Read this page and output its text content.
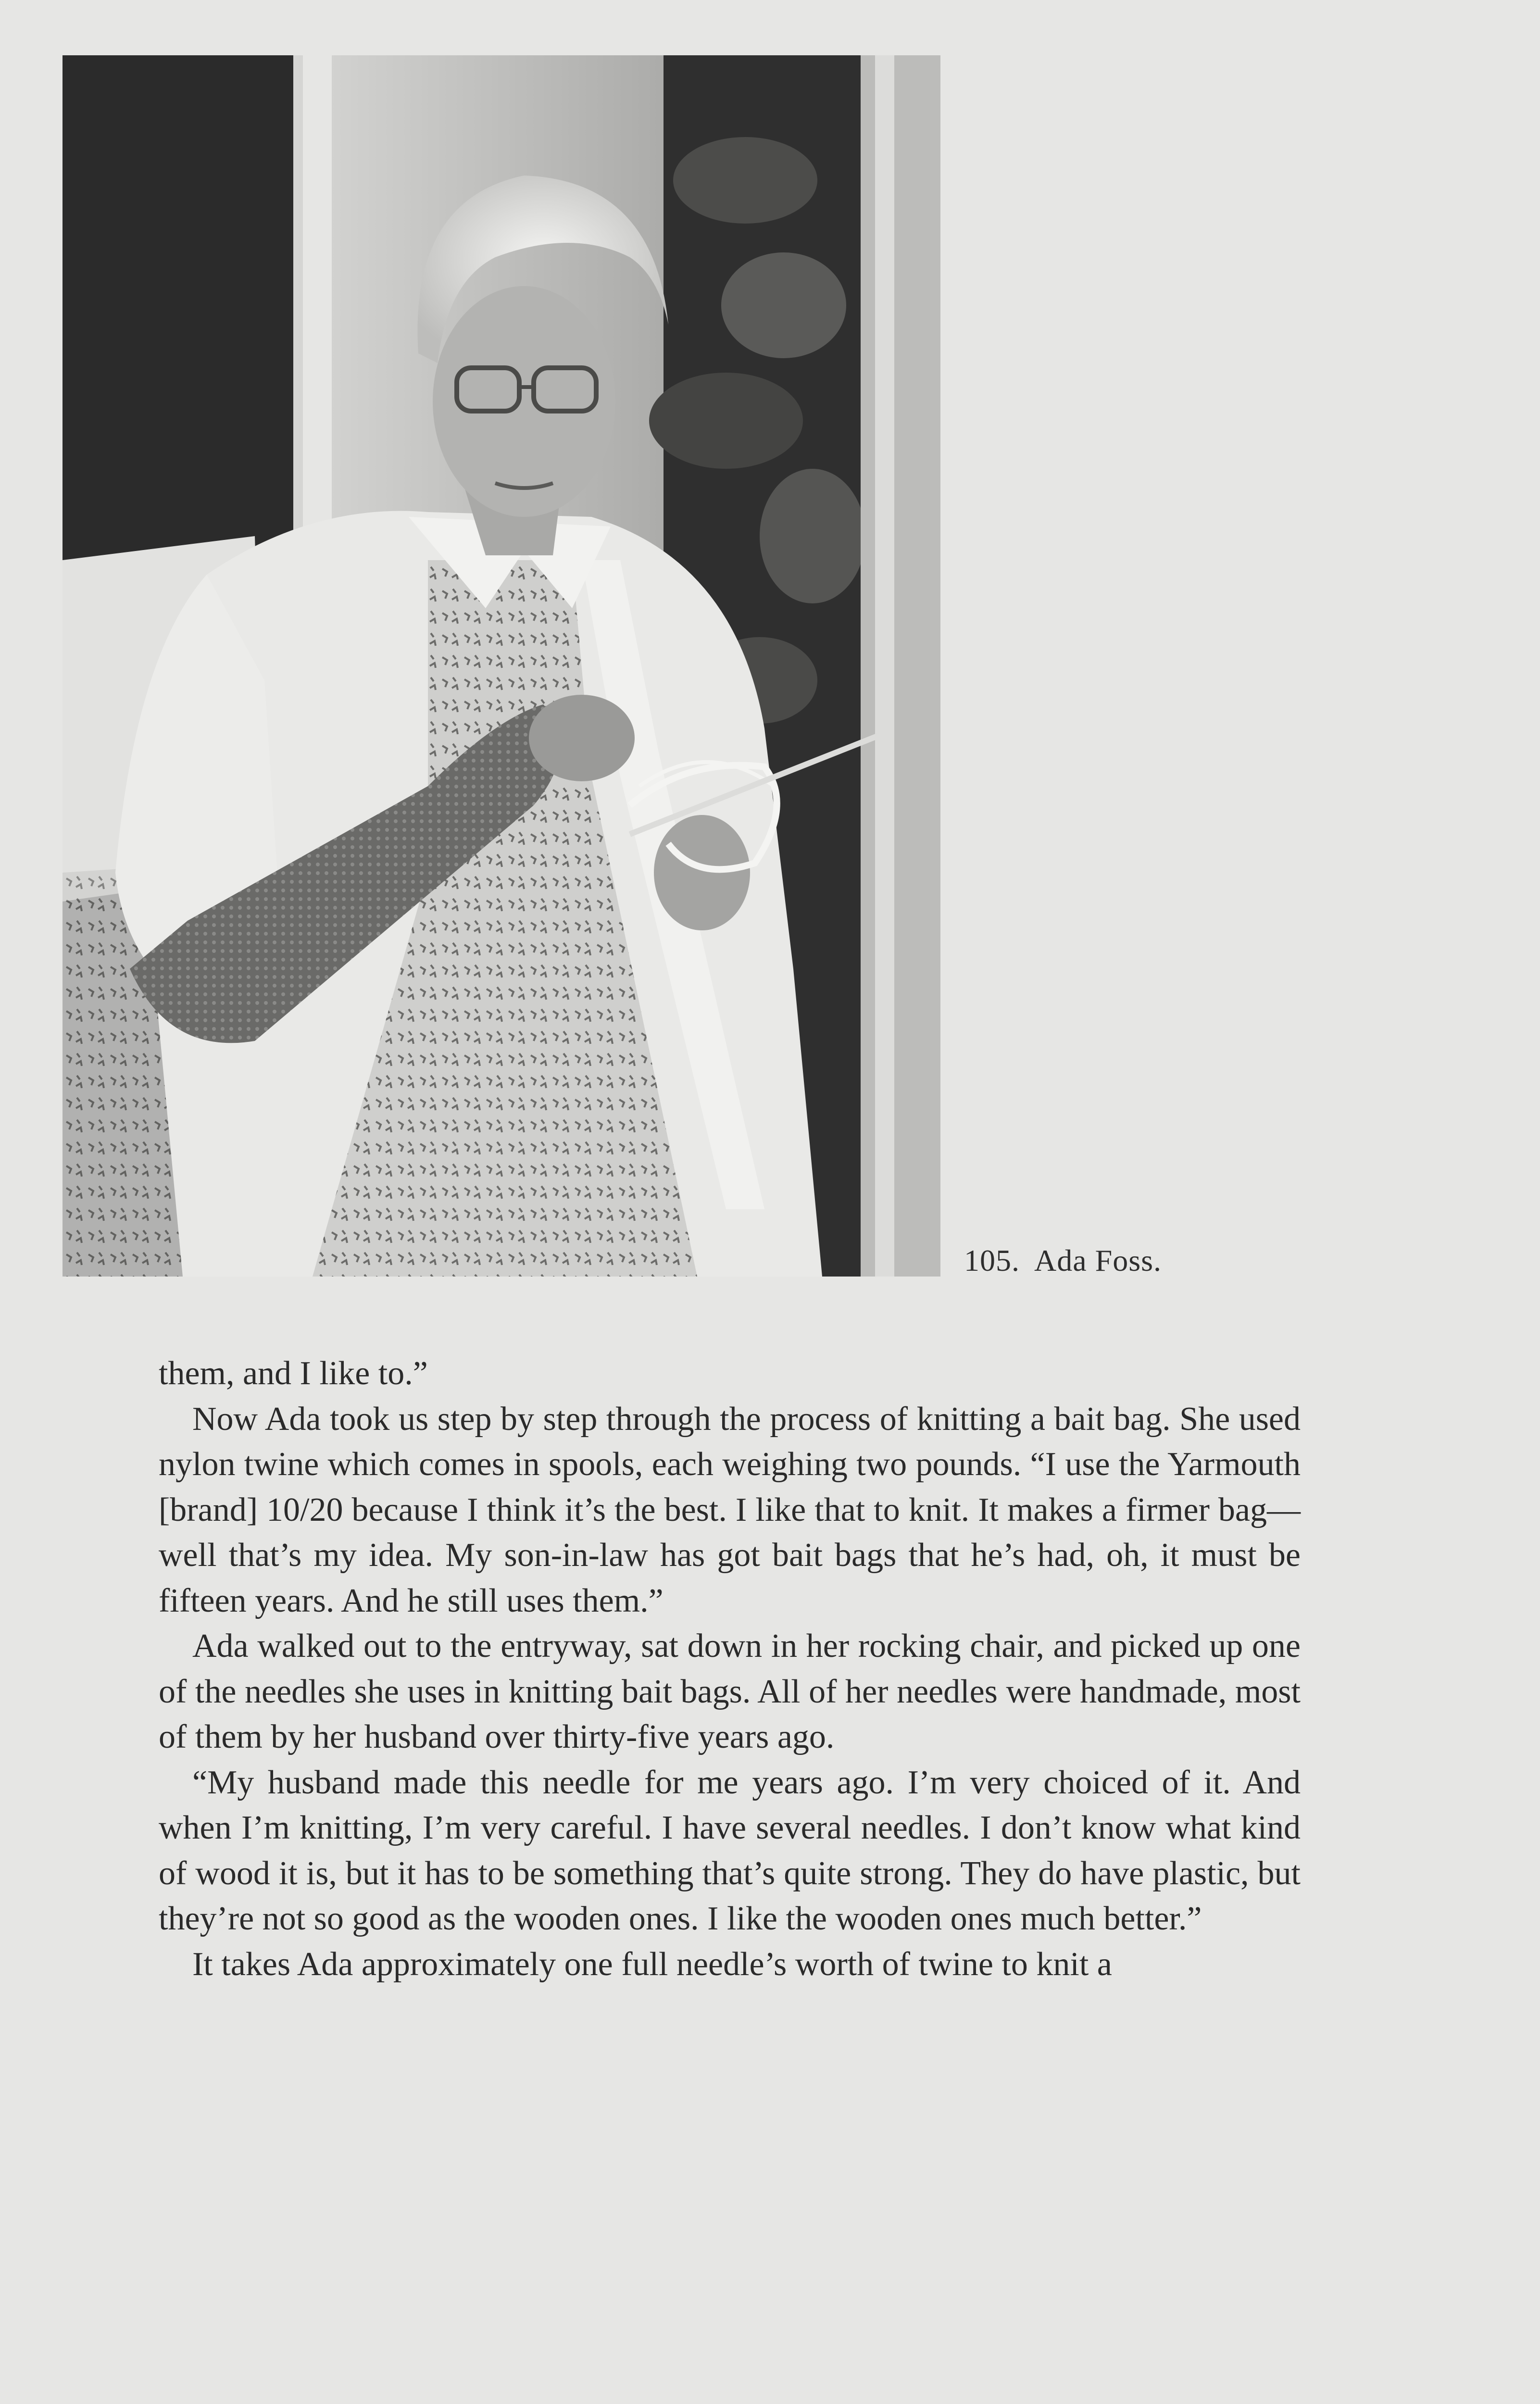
105. Ada Foss.

them, and I like to.”

Now Ada took us step by step through the process of knitting a bait bag. She used nylon twine which comes in spools, each weighing two pounds. “I use the Yarmouth [brand] 10/20 because I think it’s the best. I like that to knit. It makes a firmer bag—well that’s my idea. My son-in-law has got bait bags that he’s had, oh, it must be fifteen years. And he still uses them.”

Ada walked out to the entryway, sat down in her rocking chair, and picked up one of the needles she uses in knitting bait bags. All of her needles were handmade, most of them by her husband over thirty-five years ago.

“My husband made this needle for me years ago. I’m very choiced of it. And when I’m knitting, I’m very careful. I have several needles. I don’t know what kind of wood it is, but it has to be something that’s quite strong. They do have plastic, but they’re not so good as the wooden ones. I like the wooden ones much better.”

It takes Ada approximately one full needle’s worth of twine to knit a
